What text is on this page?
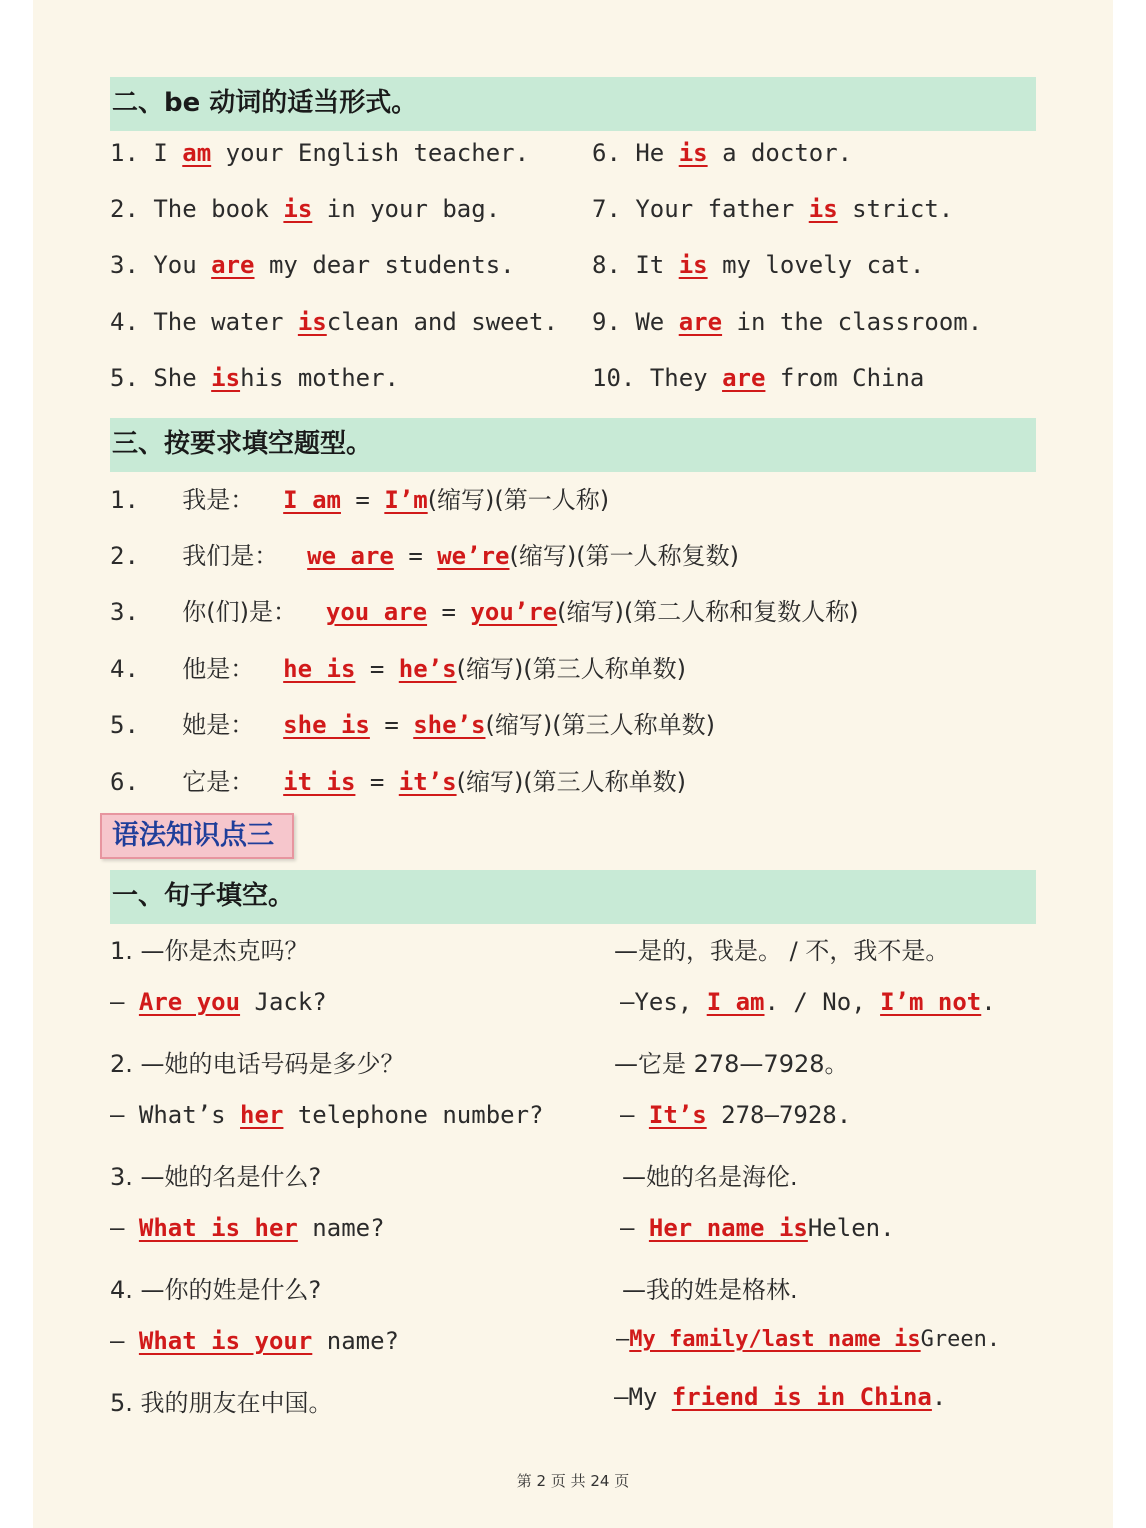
二、be 动词的适当形式。
1. I am your English teacher.
2. The book is in your bag.
3. You are my dear students.
4. The water isclean and sweet.
5. She ishis mother.
6. He is a doctor.
7. Your father is strict.
8. It is my lovely cat.
9. We are in the classroom.
10. They are from China
三、按要求填空题型。
1. 我是： I am = I’m(缩写)(第一人称)
2. 我们是： we are = we’re(缩写)(第一人称复数)
3. 你(们)是： you are = you’re(缩写)(第二人称和复数人称)
4. 他是： he is = he’s(缩写)(第三人称单数)
5. 她是： she is = she’s(缩写)(第三人称单数)
6. 它是： it is = it’s(缩写)(第三人称单数)
语法知识点三
一、句子填空。
1. —你是杰克吗？	—是的，我是。 / 不，我不是。
— Are you Jack?	—Yes, I am. / No, I’m not.
2. —她的电话号码是多少？	—它是 278—7928。
— What’s her telephone number?	— It’s 278—7928.
3. —她的名是什么?	—她的名是海伦.
— What is her name?	— Her name isHelen.
4. —你的姓是什么?	—我的姓是格林.
— What is your name?	—My family/last name isGreen.
5. 我的朋友在中国。	—My friend is in China.
第 2 页 共 24 页
